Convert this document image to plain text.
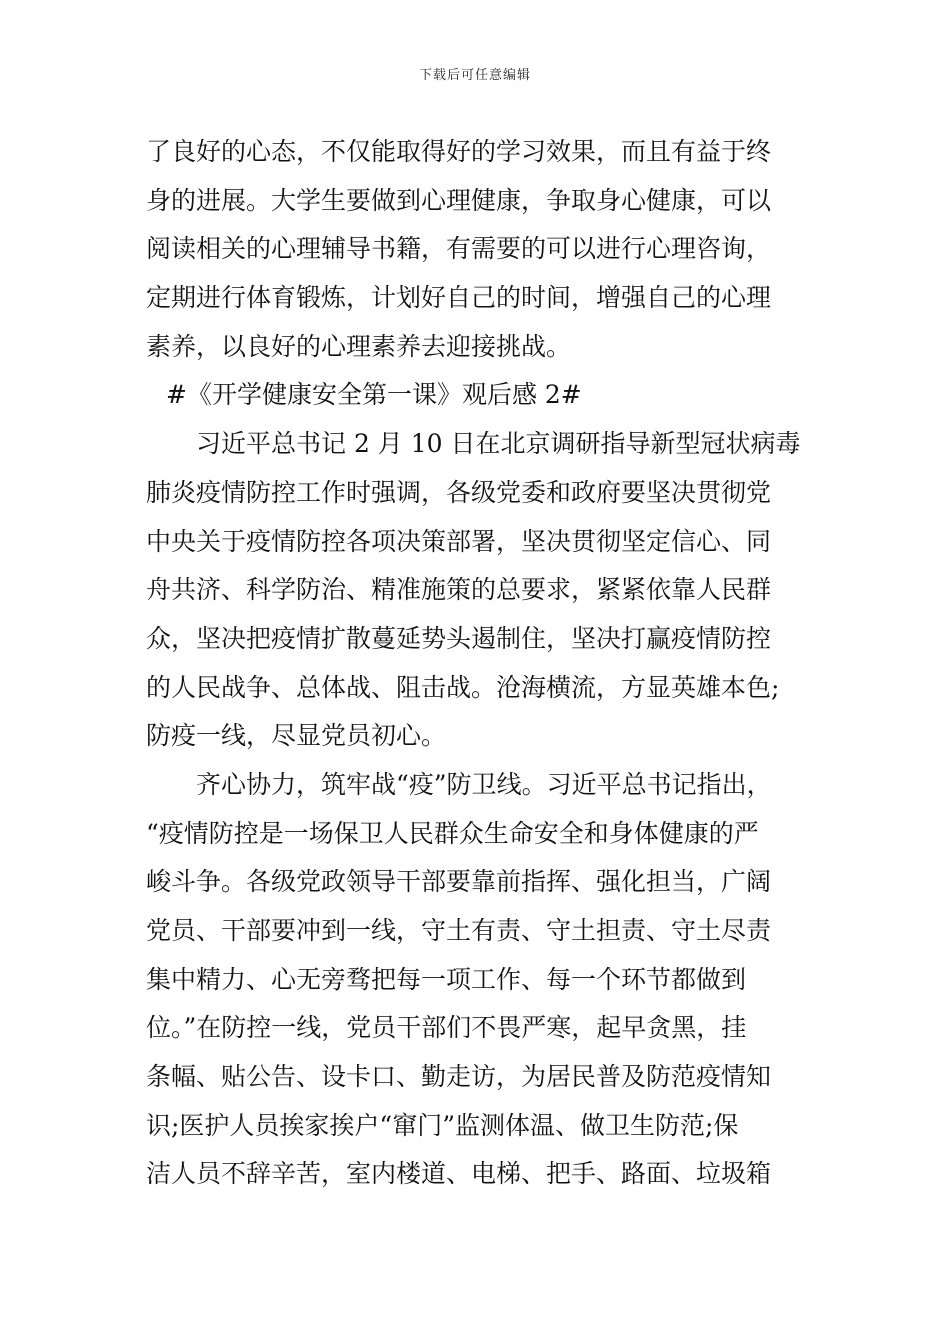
下载后可任意编辑
了良好的心态，不仅能取得好的学习效果，而且有益于终
身的进展。大学生要做到心理健康，争取身心健康，可以
阅读相关的心理辅导书籍，有需要的可以进行心理咨询，
定期进行体育锻炼，计划好自己的时间，增强自己的心理
素养，以良好的心理素养去迎接挑战。
#《开学健康安全第一课》观后感 2#
习近平总书记 2 月 10 日在北京调研指导新型冠状病毒
肺炎疫情防控工作时强调，各级党委和政府要坚决贯彻党
中央关于疫情防控各项决策部署，坚决贯彻坚定信心、同
舟共济、科学防治、精准施策的总要求，紧紧依靠人民群
众，坚决把疫情扩散蔓延势头遏制住，坚决打赢疫情防控
的人民战争、总体战、阻击战。沧海横流，方显英雄本色;
防疫一线，尽显党员初心。
齐心协力，筑牢战“疫”防卫线。习近平总书记指出，
“疫情防控是一场保卫人民群众生命安全和身体健康的严
峻斗争。各级党政领导干部要靠前指挥、强化担当，广阔
党员、干部要冲到一线，守土有责、守土担责、守土尽责
集中精力、心无旁骛把每一项工作、每一个环节都做到
位。”在防控一线，党员干部们不畏严寒，起早贪黑，挂
条幅、贴公告、设卡口、勤走访，为居民普及防范疫情知
识;医护人员挨家挨户“窜门”监测体温、做卫生防范;保
洁人员不辞辛苦，室内楼道、电梯、把手、路面、垃圾箱
